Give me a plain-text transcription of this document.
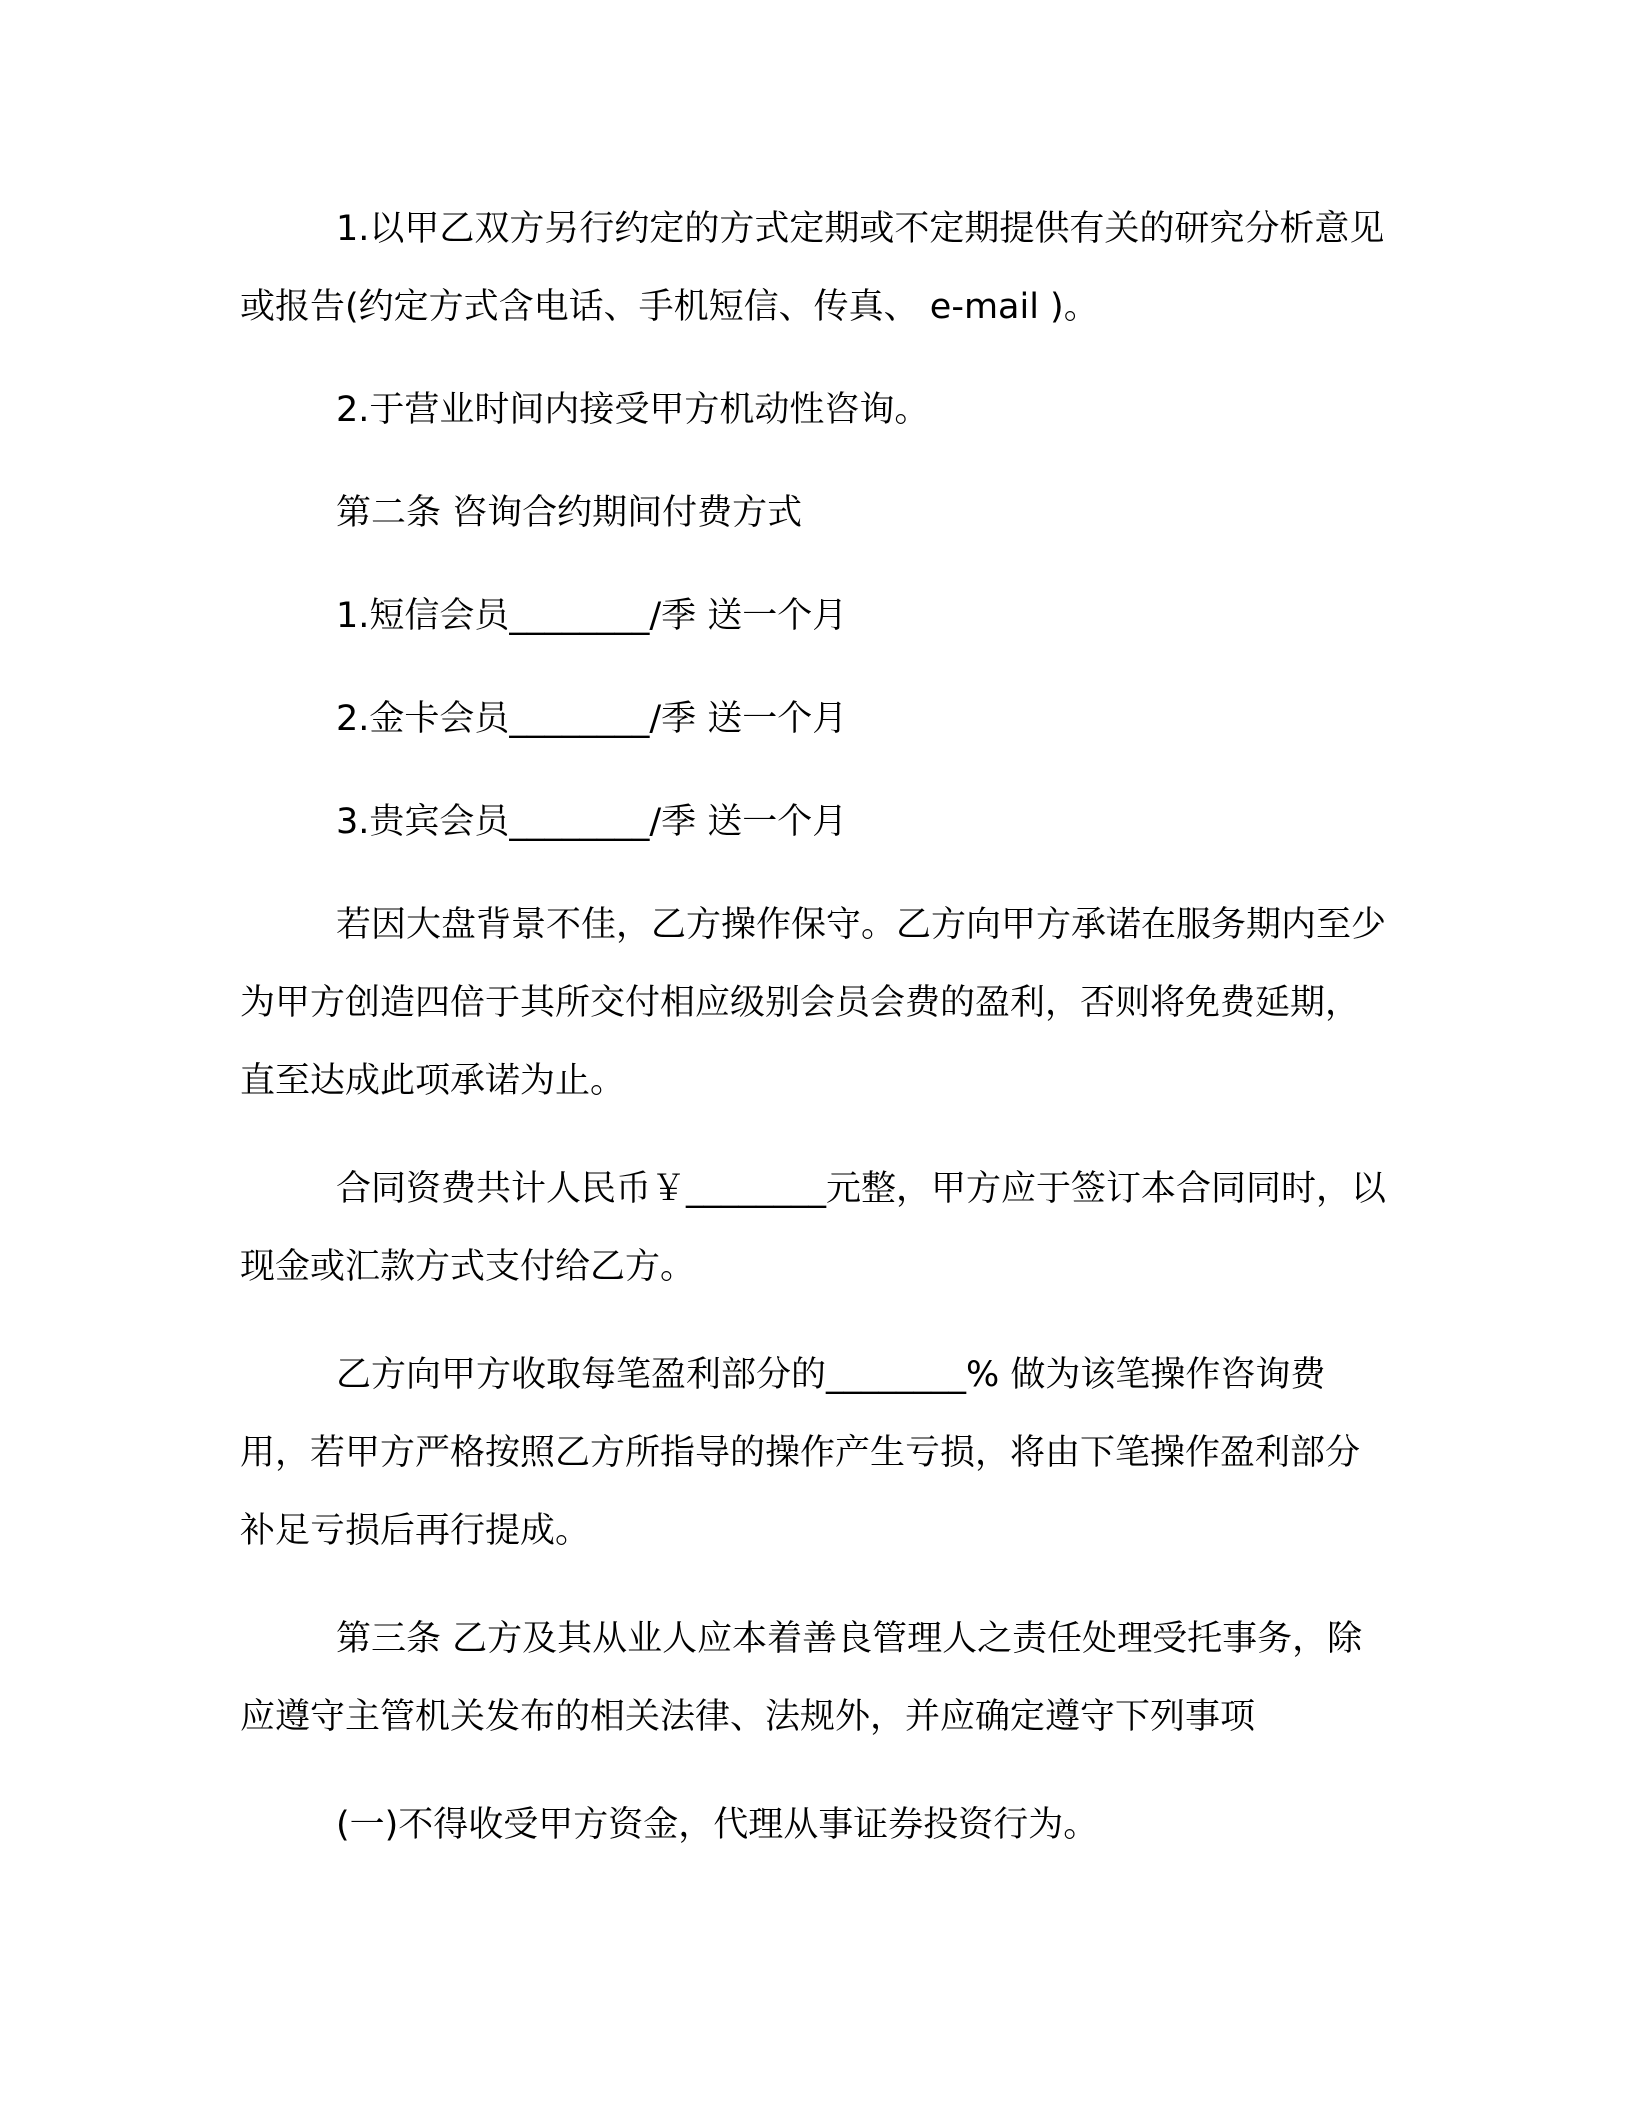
1.以甲乙双方另行约定的方式定期或不定期提供有关的研究分析意见或报告(约定方式含电话、手机短信、传真、 e-mail )。

2.于营业时间内接受甲方机动性咨询。

第二条 咨询合约期间付费方式

1.短信会员________/季 送一个月

2.金卡会员________/季 送一个月

3.贵宾会员________/季 送一个月

若因大盘背景不佳，乙方操作保守。乙方向甲方承诺在服务期内至少为甲方创造四倍于其所交付相应级别会员会费的盈利，否则将免费延期，直至达成此项承诺为止。

合同资费共计人民币￥________元整，甲方应于签订本合同同时，以现金或汇款方式支付给乙方。

乙方向甲方收取每笔盈利部分的________% 做为该笔操作咨询费用，若甲方严格按照乙方所指导的操作产生亏损，将由下笔操作盈利部分补足亏损后再行提成。

第三条 乙方及其从业人应本着善良管理人之责任处理受托事务，除应遵守主管机关发布的相关法律、法规外，并应确定遵守下列事项

(一)不得收受甲方资金，代理从事证券投资行为。
